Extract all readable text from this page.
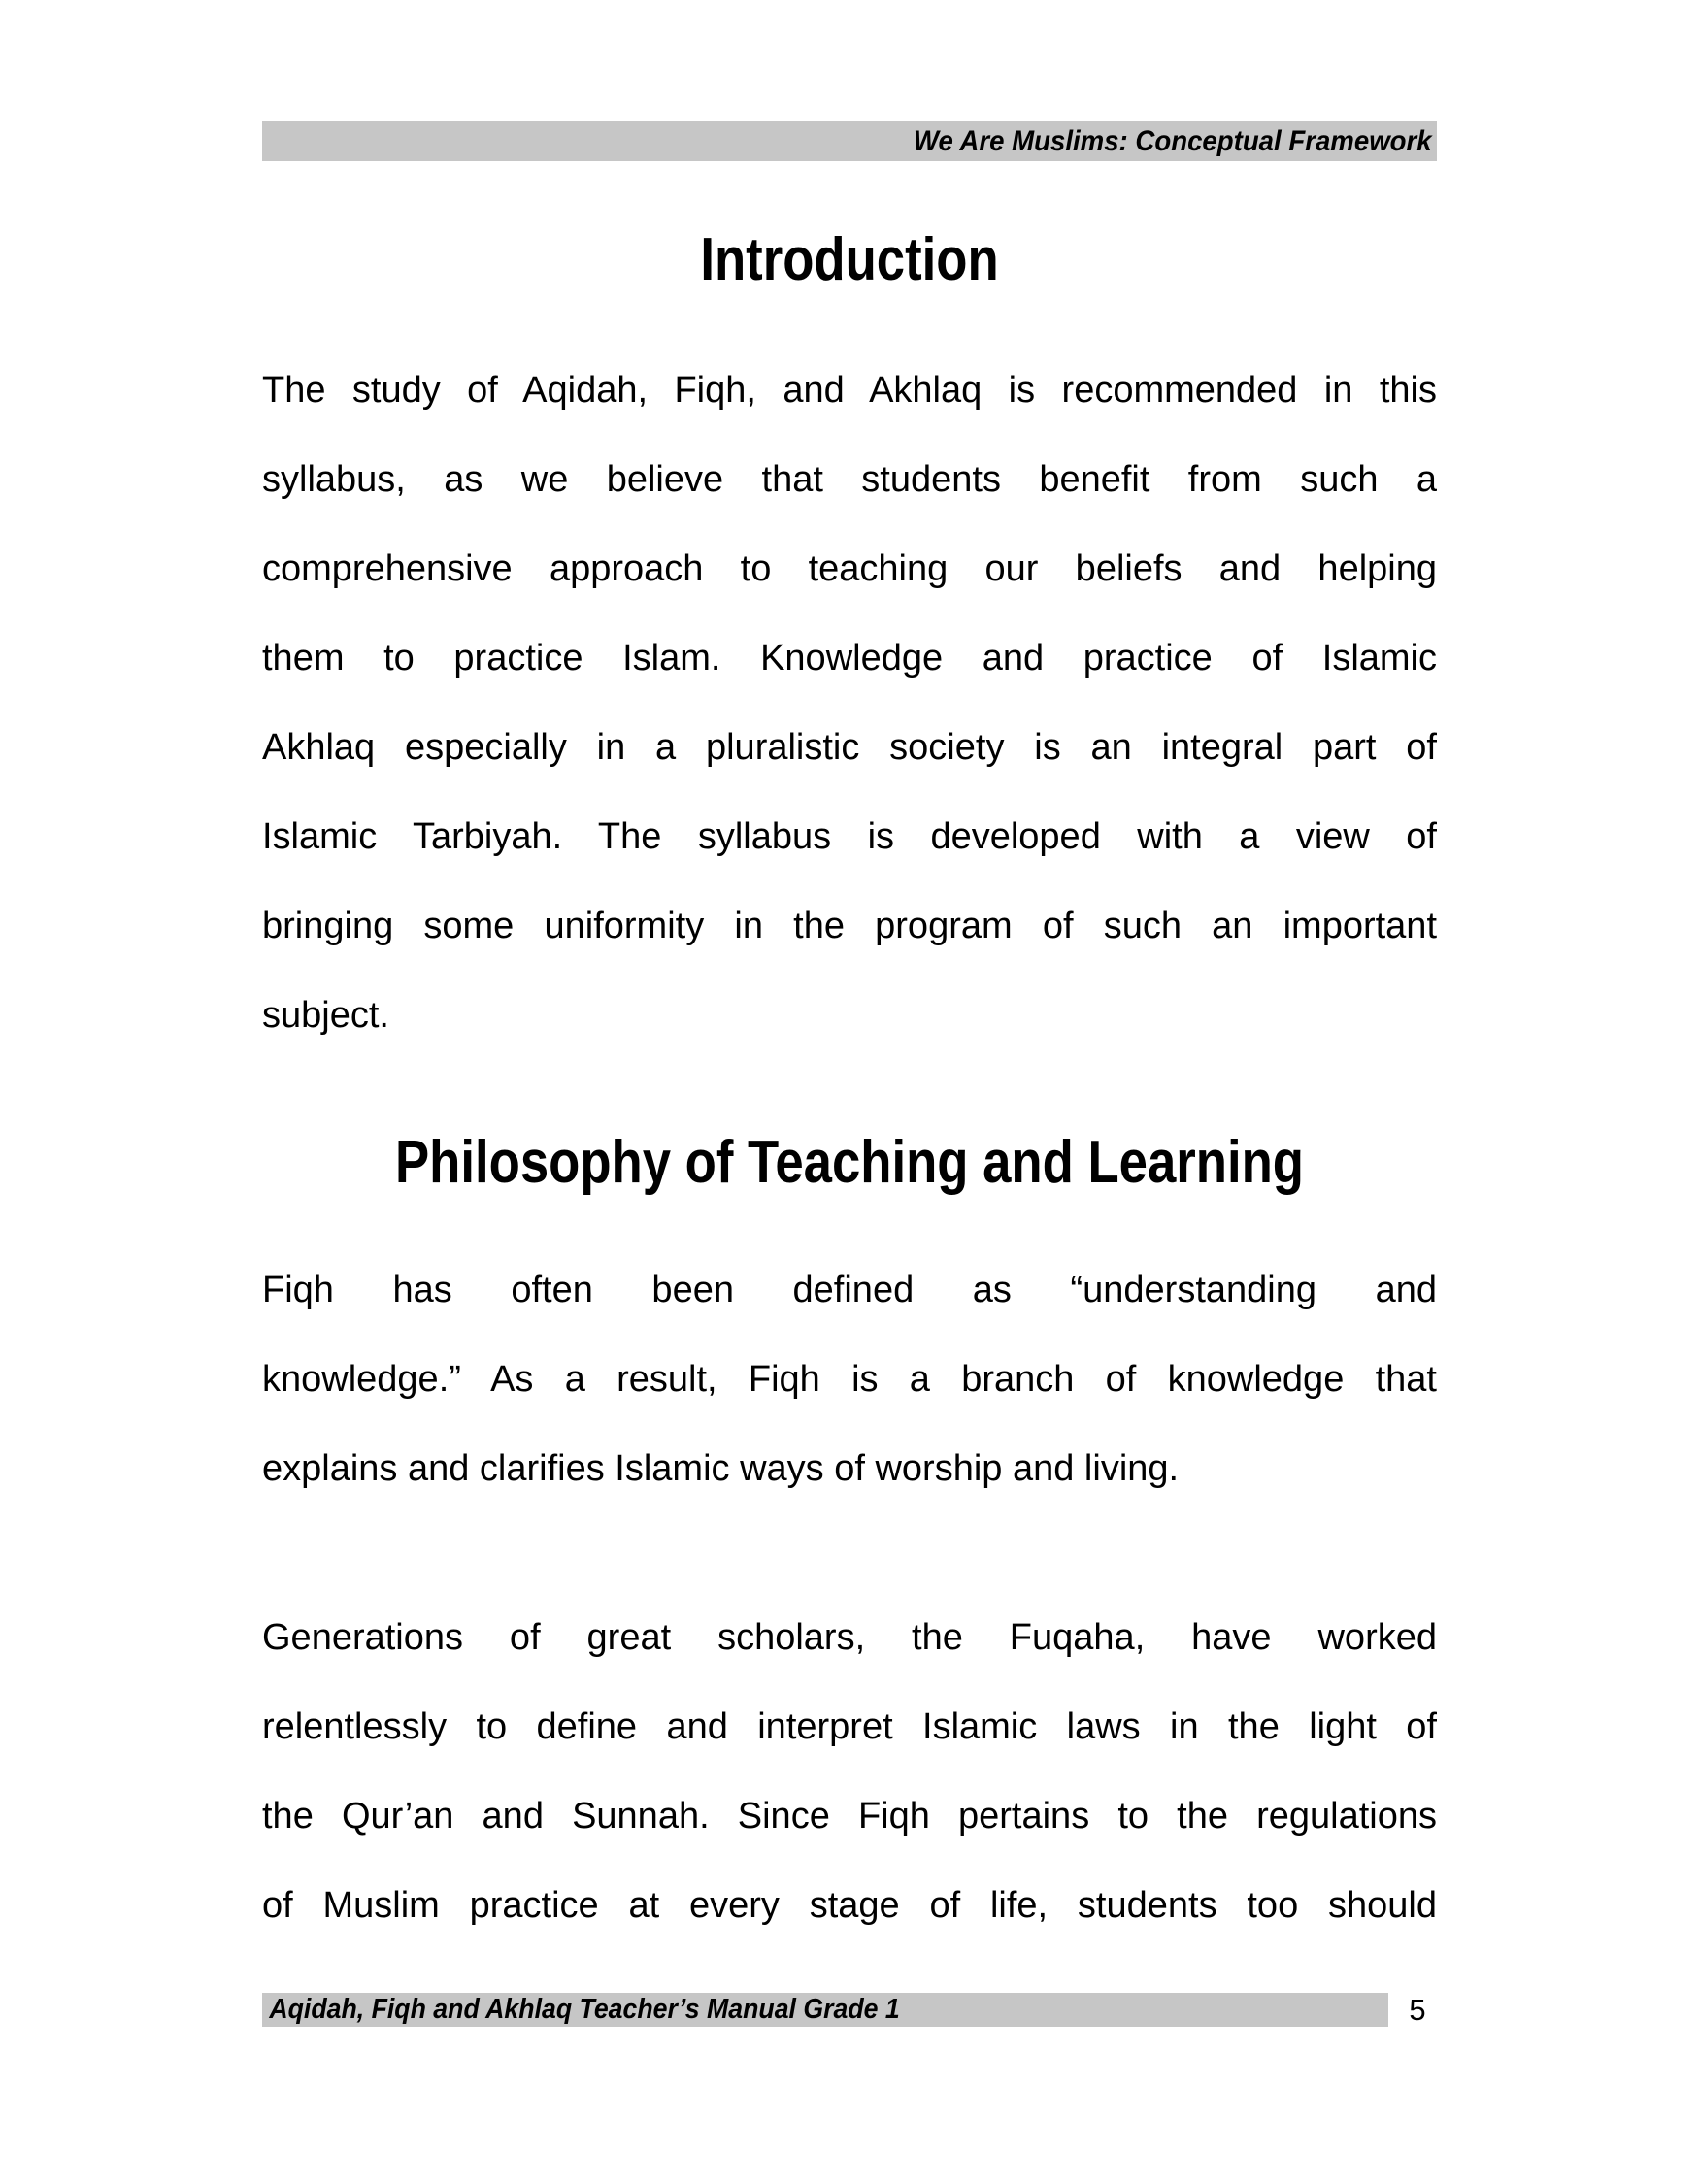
We Are Muslims: Conceptual Framework
Introduction
The study of Aqidah, Fiqh, and Akhlaq is recommended in this
syllabus, as we believe that students benefit from such a
comprehensive approach to teaching our beliefs and helping
them to practice Islam. Knowledge and practice of Islamic
Akhlaq especially in a pluralistic society is an integral part of
Islamic Tarbiyah. The syllabus is developed with a view of
bringing some uniformity in the program of such an important
subject.
Philosophy of Teaching and Learning
Fiqh has often been defined as “understanding and
knowledge.” As a result, Fiqh is a branch of knowledge that
explains and clarifies Islamic ways of worship and living.
Generations of great scholars, the Fuqaha, have worked
relentlessly to define and interpret Islamic laws in the light of
the Qur’an and Sunnah. Since Fiqh pertains to the regulations
of Muslim practice at every stage of life, students too should
Aqidah, Fiqh and Akhlaq Teacher’s Manual Grade 1	5
